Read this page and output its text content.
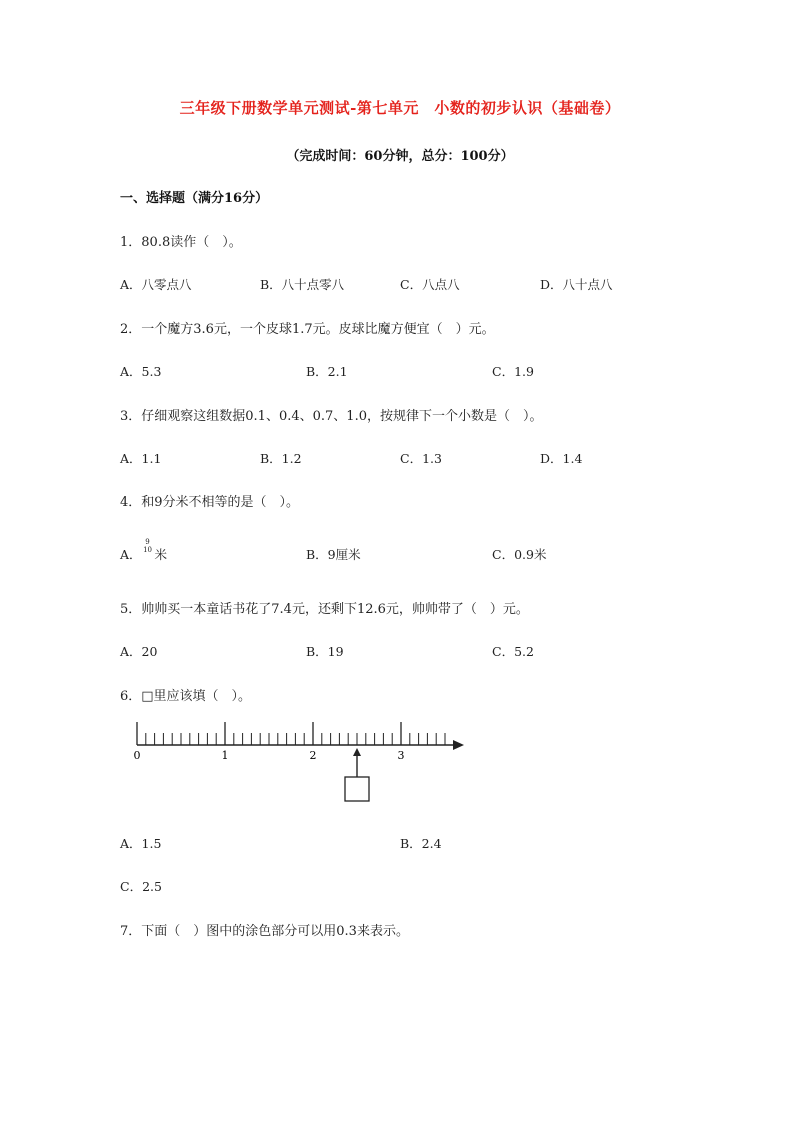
三年级下册数学单元测试-第七单元　小数的初步认识（基础卷）
（完成时间：60分钟，总分：100分）
一、选择题（满分16分）
1．80.8读作（　）。
A．八零点八	B．八十点零八	C．八点八	D．八十点八
2．一个魔方3.6元，一个皮球1.7元。皮球比魔方便宜（　）元。
A．5.3	B．2.1	C．1.9
3．仔细观察这组数据0.1、0.4、0.7、1.0，按规律下一个小数是（　）。
A．1.1	B．1.2	C．1.3	D．1.4
4．和9分米不相等的是（　）。
A．
9
10 米	B．9厘米	C．0.9米
5．帅帅买一本童话书花了7.4元，还剩下12.6元，帅帅带了（　）元。
A．20	B．19	C．5.2
6．□里应该填（　）。
0	1	2	3
A．1.5	B．2.4
C．2.5
7．下面（　）图中的涂色部分可以用0.3来表示。
